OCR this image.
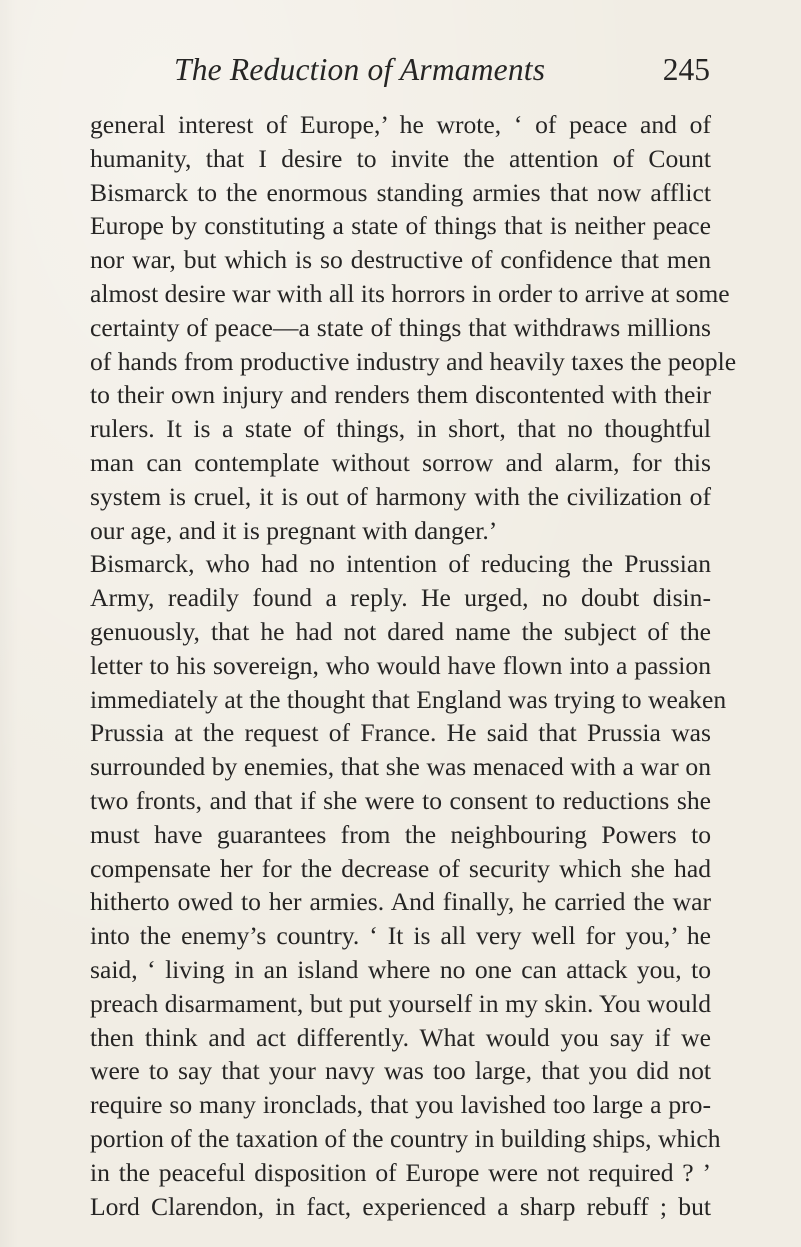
The Reduction of Armaments	245
general interest of Europe,’ he wrote, ‘ of peace and of
humanity, that I desire to invite the attention of Count
Bismarck to the enormous standing armies that now afflict
Europe by constituting a state of things that is neither peace
nor war, but which is so destructive of confidence that men
almost desire war with all its horrors in order to arrive at some
certainty of peace—a state of things that withdraws millions
of hands from productive industry and heavily taxes the people
to their own injury and renders them discontented with their
rulers. It is a state of things, in short, that no thoughtful
man can contemplate without sorrow and alarm, for this
system is cruel, it is out of harmony with the civilization of
our age, and it is pregnant with danger.’
Bismarck, who had no intention of reducing the Prussian
Army, readily found a reply. He urged, no doubt disin-
genuously, that he had not dared name the subject of the
letter to his sovereign, who would have flown into a passion
immediately at the thought that England was trying to weaken
Prussia at the request of France. He said that Prussia was
surrounded by enemies, that she was menaced with a war on
two fronts, and that if she were to consent to reductions she
must have guarantees from the neighbouring Powers to
compensate her for the decrease of security which she had
hitherto owed to her armies. And finally, he carried the war
into the enemy’s country. ‘ It is all very well for you,’ he
said, ‘ living in an island where no one can attack you, to
preach disarmament, but put yourself in my skin. You would
then think and act differently. What would you say if we
were to say that your navy was too large, that you did not
require so many ironclads, that you lavished too large a pro-
portion of the taxation of the country in building ships, which
in the peaceful disposition of Europe were not required ? ’
Lord Clarendon, in fact, experienced a sharp rebuff ; but
